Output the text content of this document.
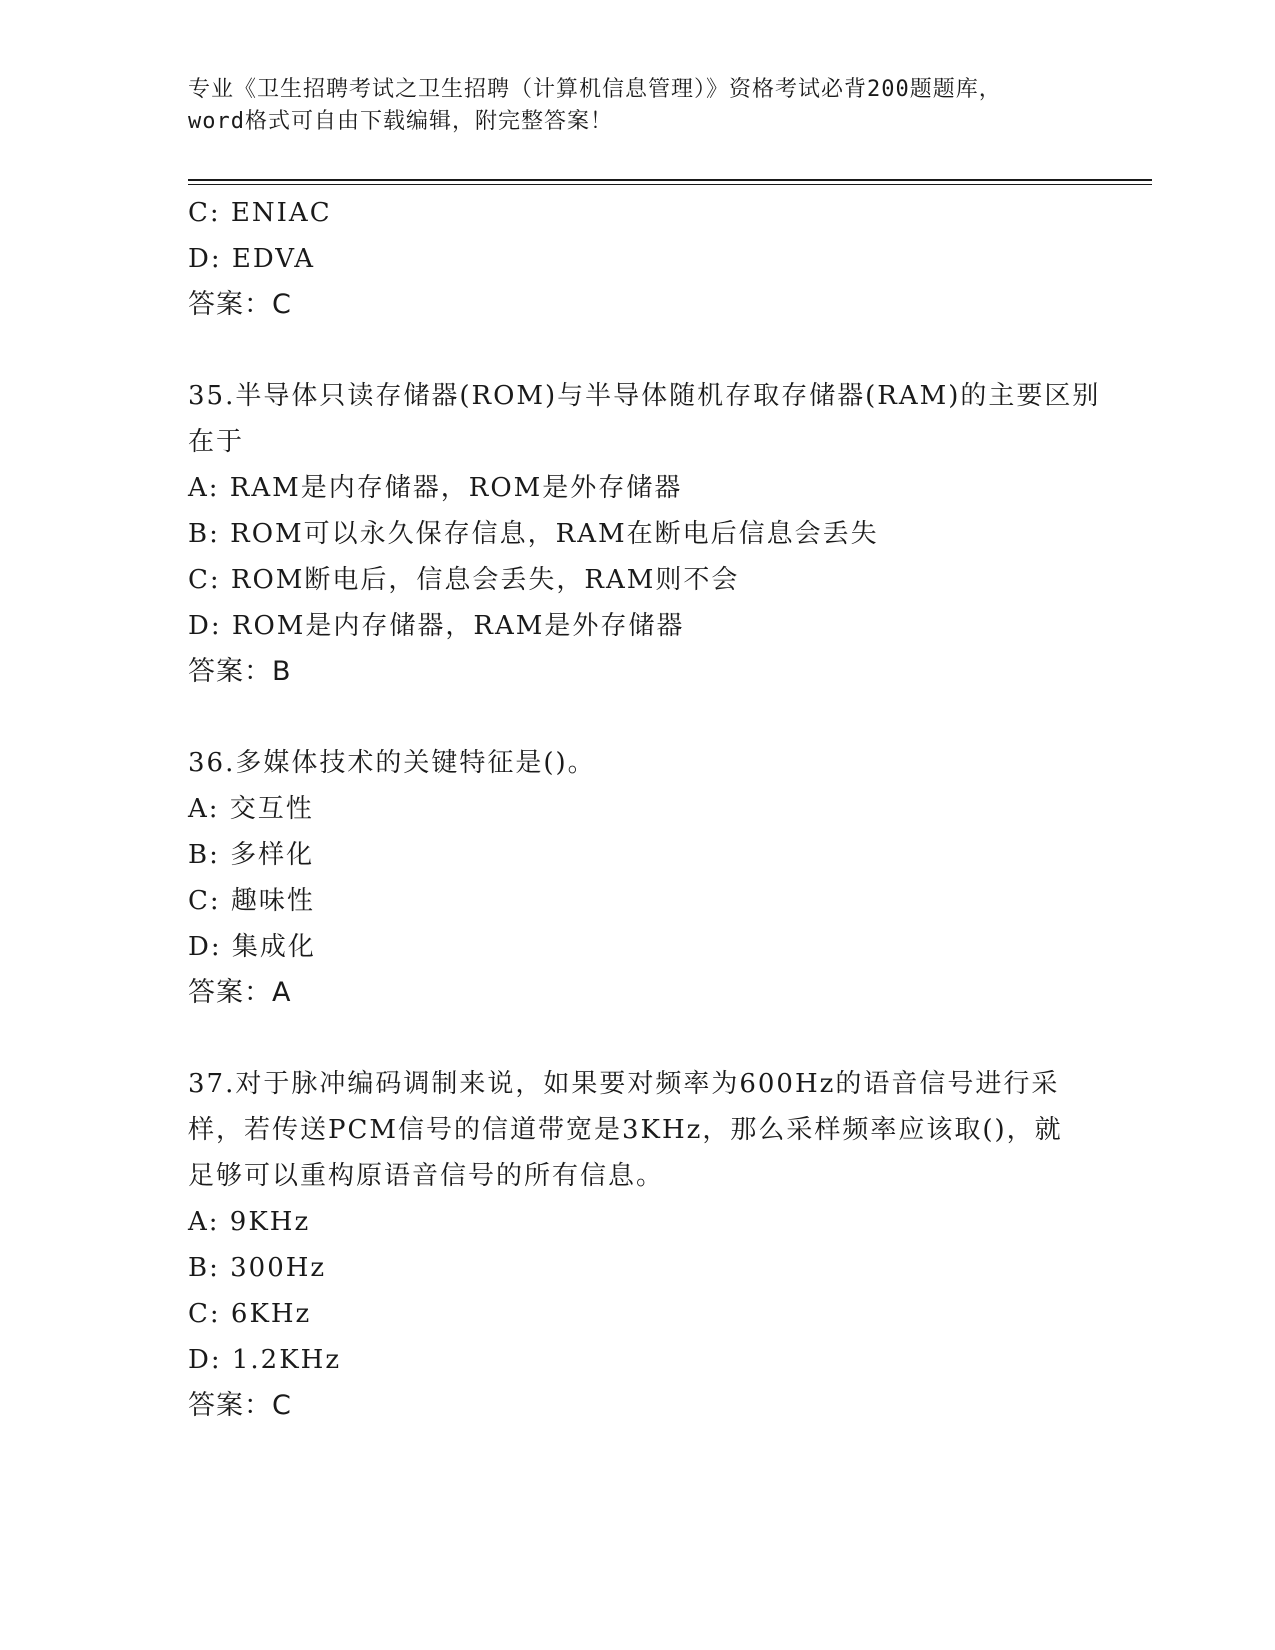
专业《卫生招聘考试之卫生招聘（计算机信息管理）》资格考试必背200题题库，
word格式可自由下载编辑，附完整答案！
C: ENIAC
D: EDVA
答案：C
35.半导体只读存储器(ROM)与半导体随机存取存储器(RAM)的主要区别
在于
A: RAM是内存储器，ROM是外存储器
B: ROM可以永久保存信息，RAM在断电后信息会丢失
C: ROM断电后，信息会丢失，RAM则不会
D: ROM是内存储器，RAM是外存储器
答案：B
36.多媒体技术的关键特征是()。
A: 交互性
B: 多样化
C: 趣味性
D: 集成化
答案：A
37.对于脉冲编码调制来说，如果要对频率为600Hz的语音信号进行采
样，若传送PCM信号的信道带宽是3KHz，那么采样频率应该取()，就
足够可以重构原语音信号的所有信息。
A: 9KHz
B: 300Hz
C: 6KHz
D: 1.2KHz
答案：C
